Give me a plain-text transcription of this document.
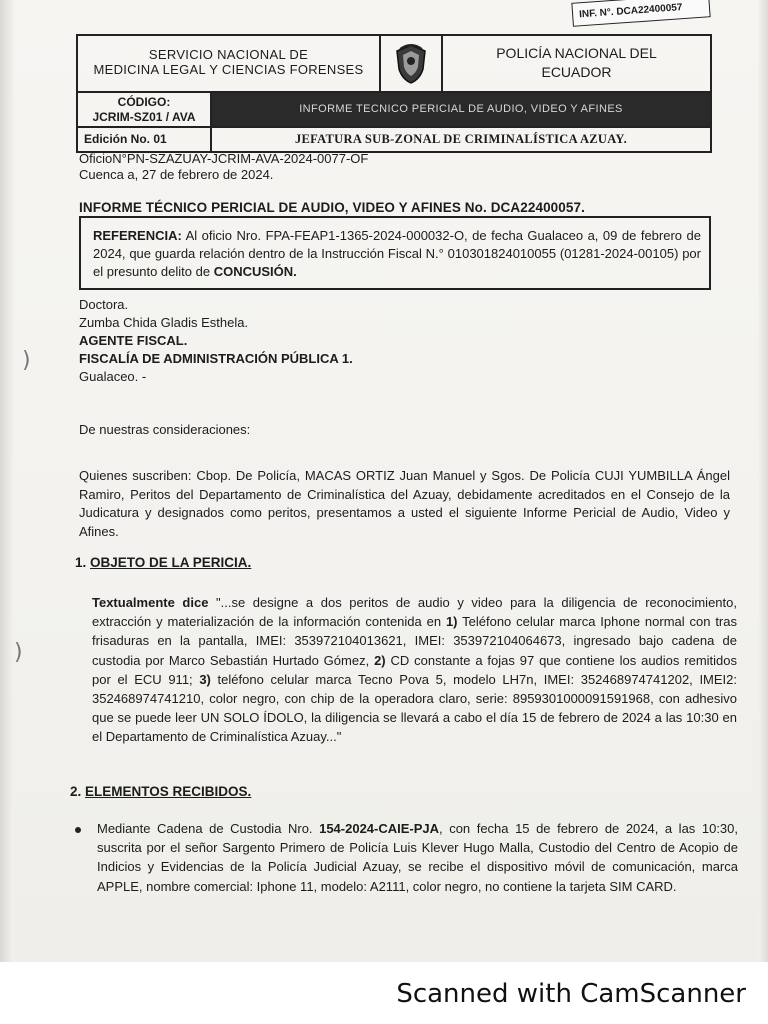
INF. N°. DCA22400057
SERVICIO NACIONAL DE
MEDICINA LEGAL Y CIENCIAS FORENSES
POLICÍA NACIONAL DEL
ECUADOR
CÓDIGO:
JCRIM-SZ01 / AVA
INFORME TECNICO PERICIAL DE AUDIO, VIDEO Y AFINES
Edición No. 01	JEFATURA SUB-ZONAL DE CRIMINALÍSTICA AZUAY.
OficioN°PN-SZAZUAY-JCRIM-AVA-2024-0077-OF
Cuenca a, 27 de febrero de 2024.
INFORME TÉCNICO PERICIAL DE AUDIO, VIDEO Y AFINES No. DCA22400057.
REFERENCIA: Al oficio Nro. FPA-FEAP1-1365-2024-000032-O, de fecha Gualaceo a, 09 de febrero de 2024, que guarda relación dentro de la Instrucción Fiscal N.° 010301824010055 (01281-2024-00105) por el presunto delito de CONCUSIÓN.
Doctora.
Zumba Chida Gladis Esthela.
AGENTE FISCAL.
FISCALÍA DE ADMINISTRACIÓN PÚBLICA 1.
Gualaceo. -
De nuestras consideraciones:
Quienes suscriben: Cbop. De Policía, MACAS ORTIZ Juan Manuel y Sgos. De Policía CUJI YUMBILLA Ángel Ramiro, Peritos del Departamento de Criminalística del Azuay, debidamente acreditados en el Consejo de la Judicatura y designados como peritos, presentamos a usted el siguiente Informe Pericial de Audio, Video y Afines.
1. OBJETO DE LA PERICIA.
Textualmente dice "...se designe a dos peritos de audio y video para la diligencia de reconocimiento, extracción y materialización de la información contenida en 1) Teléfono celular marca Iphone normal con tras frisaduras en la pantalla, IMEI: 353972104013621, IMEI: 353972104064673, ingresado bajo cadena de custodia por Marco Sebastián Hurtado Gómez, 2) CD constante a fojas 97 que contiene los audios remitidos por el ECU 911; 3) teléfono celular marca Tecno Pova 5, modelo LH7n, IMEI: 352468974741202, IMEI2: 352468974741210, color negro, con chip de la operadora claro, serie: 8959301000091591968, con adhesivo que se puede leer UN SOLO ÍDOLO, la diligencia se llevará a cabo el día 15 de febrero de 2024 a las 10:30 en el Departamento de Criminalística Azuay..."
2. ELEMENTOS RECIBIDOS.
Mediante Cadena de Custodia Nro. 154-2024-CAIE-PJA, con fecha 15 de febrero de 2024, a las 10:30, suscrita por el señor Sargento Primero de Policía Luis Klever Hugo Malla, Custodio del Centro de Acopio de Indicios y Evidencias de la Policía Judicial Azuay, se recibe el dispositivo móvil de comunicación, marca APPLE, nombre comercial: Iphone 11, modelo: A2111, color negro, no contiene la tarjeta SIM CARD.
)
)
Scanned with CamScanner
